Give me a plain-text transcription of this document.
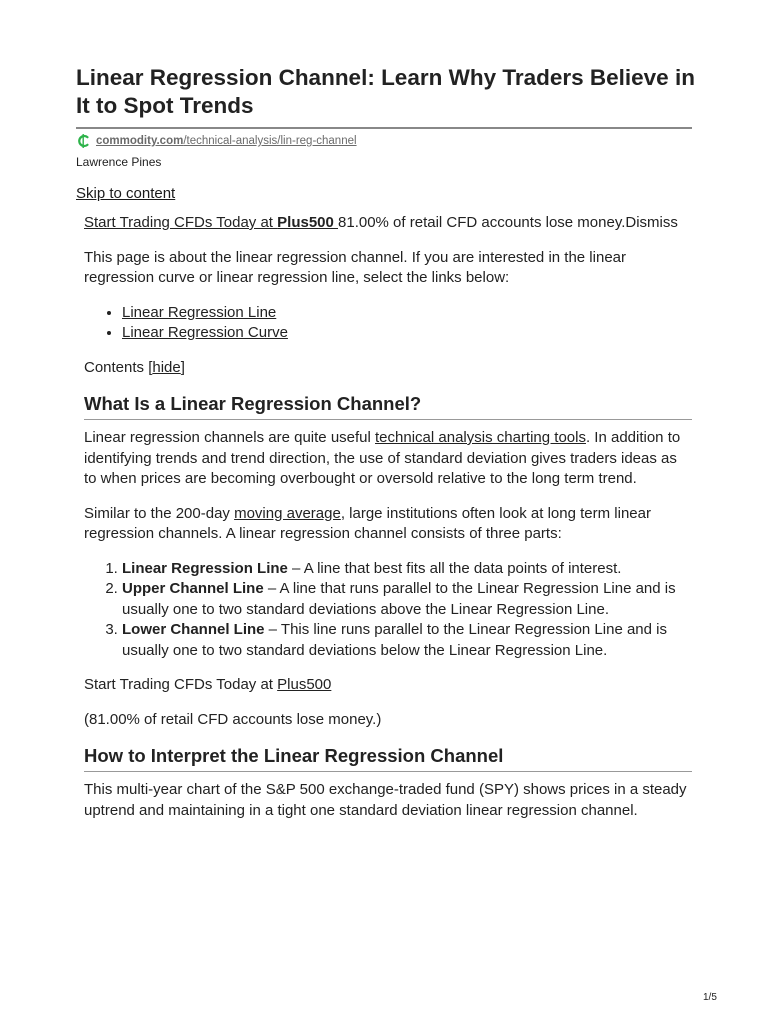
Linear Regression Channel: Learn Why Traders Believe in It to Spot Trends
commodity.com /technical-analysis/lin-reg-channel
Lawrence Pines
Skip to content

Start Trading CFDs Today at Plus500 81.00% of retail CFD accounts lose money.Dismiss

This page is about the linear regression channel. If you are interested in the linear regression curve or linear regression line, select the links below:

• Linear Regression Line
• Linear Regression Curve

Contents [hide]

What Is a Linear Regression Channel?

Linear regression channels are quite useful technical analysis charting tools. In addition to identifying trends and trend direction, the use of standard deviation gives traders ideas as to when prices are becoming overbought or oversold relative to the long term trend.

Similar to the 200-day moving average, large institutions often look at long term linear regression channels. A linear regression channel consists of three parts:

1. Linear Regression Line – A line that best fits all the data points of interest.
2. Upper Channel Line – A line that runs parallel to the Linear Regression Line and is usually one to two standard deviations above the Linear Regression Line.
3. Lower Channel Line – This line runs parallel to the Linear Regression Line and is usually one to two standard deviations below the Linear Regression Line.

Start Trading CFDs Today at Plus500

(81.00% of retail CFD accounts lose money.)

How to Interpret the Linear Regression Channel

This multi-year chart of the S&P 500 exchange-traded fund (SPY) shows prices in a steady uptrend and maintaining in a tight one standard deviation linear regression channel.

1/5
